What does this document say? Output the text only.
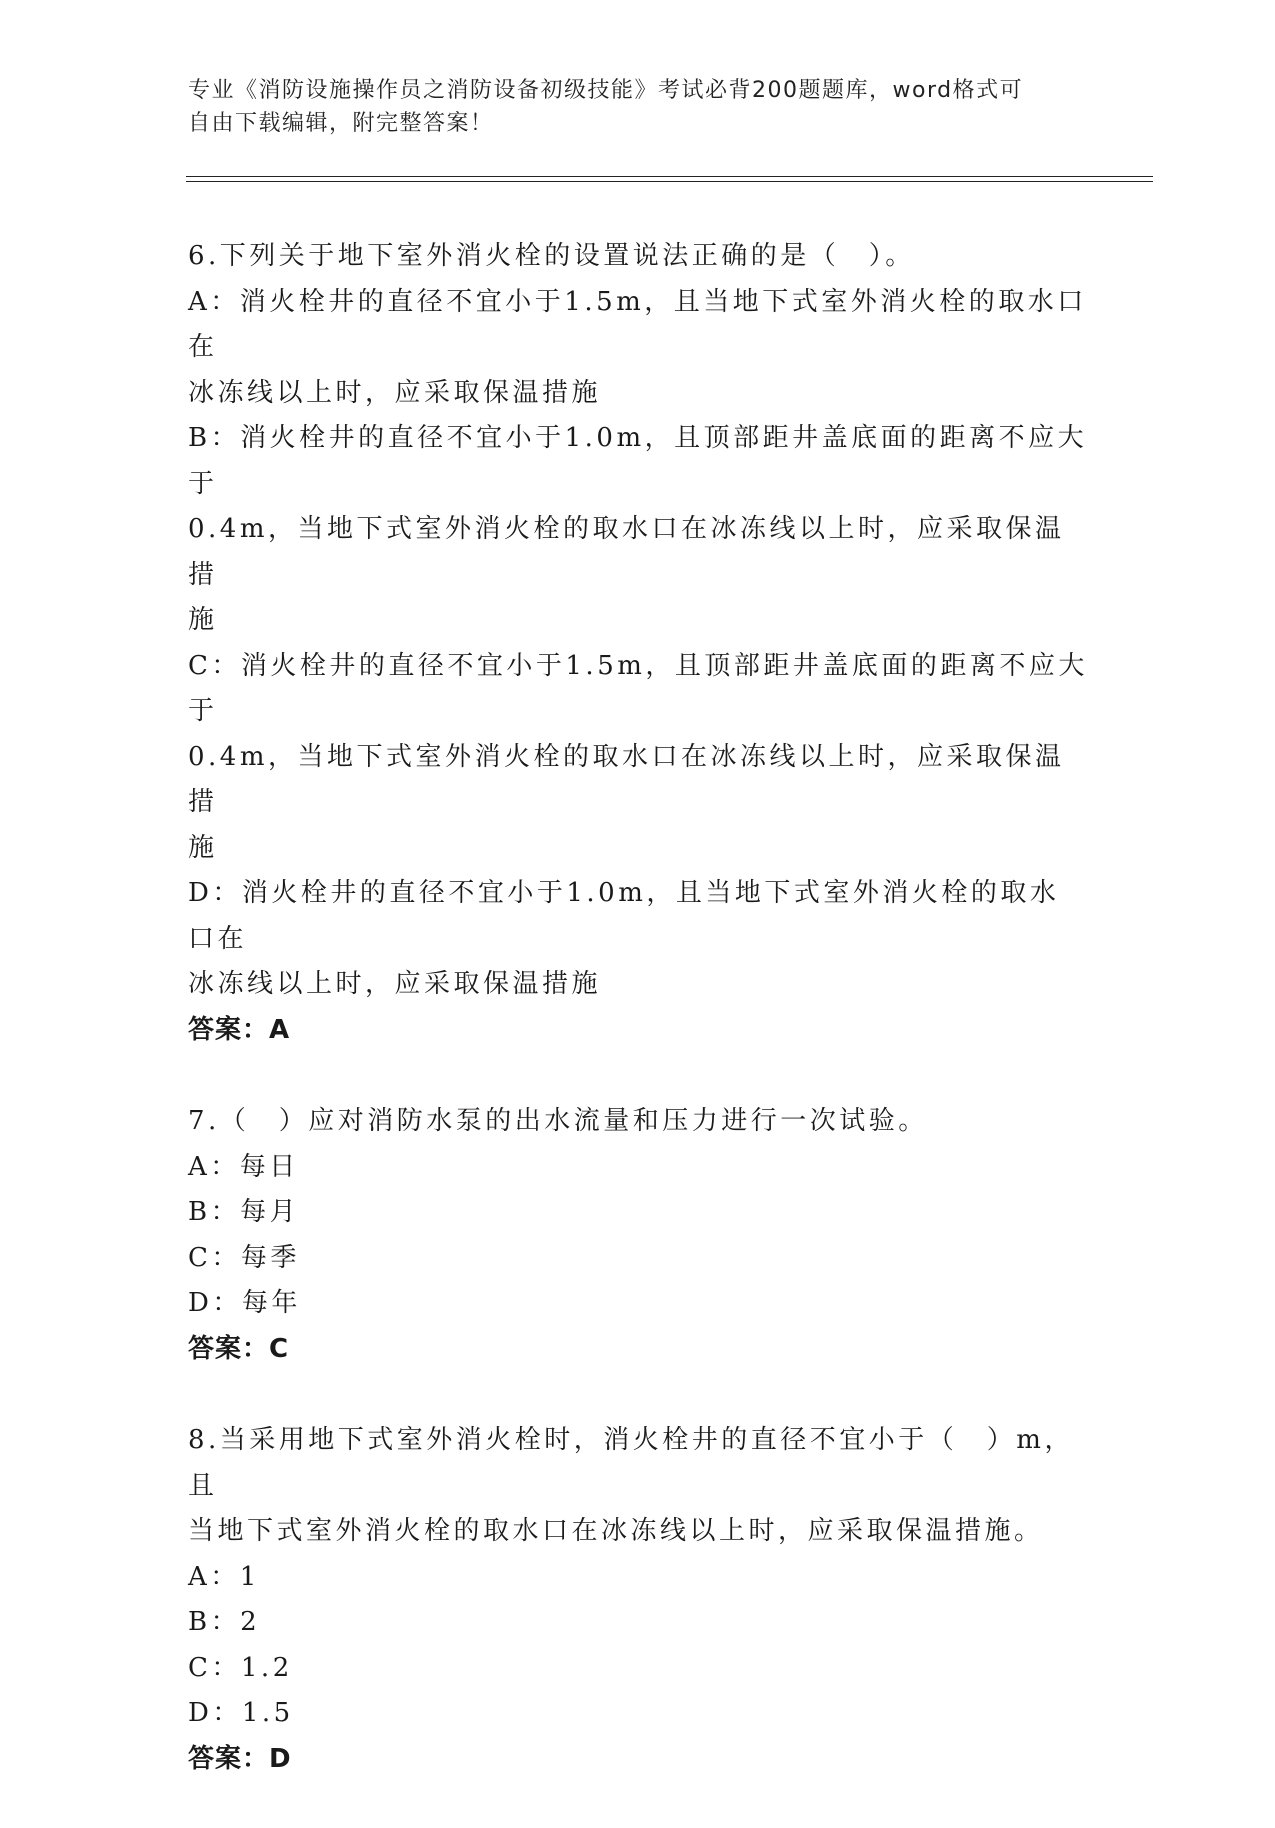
专业《消防设施操作员之消防设备初级技能》考试必背200题题库，word格式可
自由下载编辑，附完整答案！
6.下列关于地下室外消火栓的设置说法正确的是（　）。
A：消火栓井的直径不宜小于1.5m，且当地下式室外消火栓的取水口在
冰冻线以上时，应采取保温措施
B：消火栓井的直径不宜小于1.0m，且顶部距井盖底面的距离不应大于
0.4m，当地下式室外消火栓的取水口在冰冻线以上时，应采取保温措
施
C：消火栓井的直径不宜小于1.5m，且顶部距井盖底面的距离不应大于
0.4m，当地下式室外消火栓的取水口在冰冻线以上时，应采取保温措
施
D：消火栓井的直径不宜小于1.0m，且当地下式室外消火栓的取水口在
冰冻线以上时，应采取保温措施
答案：A
7.（　）应对消防水泵的出水流量和压力进行一次试验。
A：每日
B：每月
C：每季
D：每年
答案：C
8.当采用地下式室外消火栓时，消火栓井的直径不宜小于（　）m，且
当地下式室外消火栓的取水口在冰冻线以上时，应采取保温措施。
A：1
B：2
C：1.2
D：1.5
答案：D
